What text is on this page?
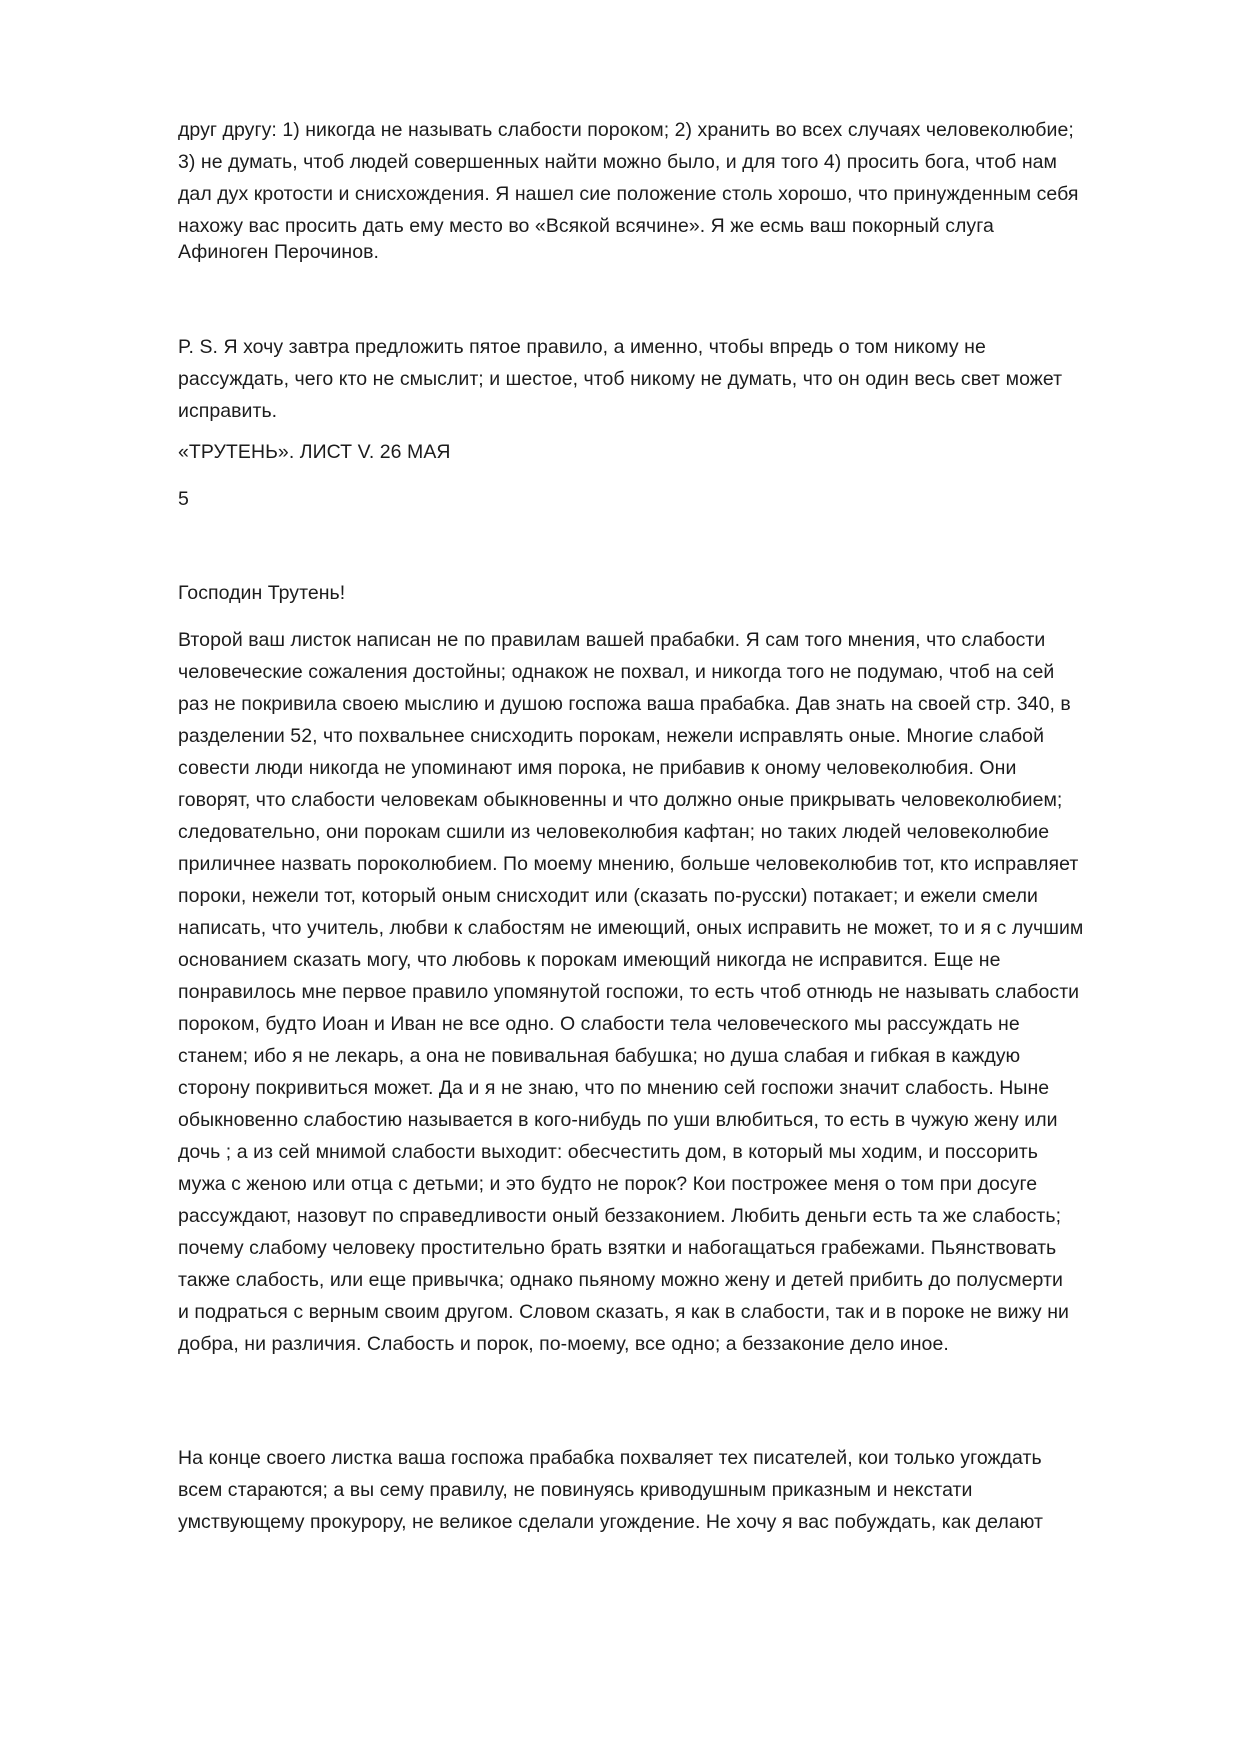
друг другу: 1) никогда не называть слабости пороком; 2) хранить во всех случаях человеколюбие;
3) не думать, чтоб людей совершенных найти можно было, и для того 4) просить бога, чтоб нам
дал дух кротости и снисхождения. Я нашел сие положение столь хорошо, что принужденным себя
нахожу вас просить дать ему место во «Всякой всячине». Я же есмь ваш покорный слуга

Афиноген Перочинов.

P. S. Я хочу завтра предложить пятое правило, а именно, чтобы впредь о том никому не
рассуждать, чего кто не смыслит; и шестое, чтоб никому не думать, что он один весь свет может
исправить.

«ТРУТЕНЬ». ЛИСТ V. 26 МАЯ

5

Господин Трутень!

Второй ваш листок написан не по правилам вашей прабабки. Я сам того мнения, что слабости
человеческие сожаления достойны; однакож не похвал, и никогда того не подумаю, чтоб на сей
раз не покривила своею мыслию и душою госпожа ваша прабабка. Дав знать на своей стр. 340, в
разделении 52, что похвальнее снисходить порокам, нежели исправлять оные. Многие слабой
совести люди никогда не упоминают имя порока, не прибавив к оному человеколюбия. Они
говорят, что слабости человекам обыкновенны и что должно оные прикрывать человеколюбием;
следовательно, они порокам сшили из человеколюбия кафтан; но таких людей человеколюбие
приличнее назвать пороколюбием. По моему мнению, больше человеколюбив тот, кто исправляет
пороки, нежели тот, который оным снисходит или (сказать по-русски) потакает; и ежели смели
написать, что учитель, любви к слабостям не имеющий, оных исправить не может, то и я с лучшим
основанием сказать могу, что любовь к порокам имеющий никогда не исправится. Еще не
понравилось мне первое правило упомянутой госпожи, то есть чтоб отнюдь не называть слабости
пороком, будто Иоан и Иван не все одно. О слабости тела человеческого мы рассуждать не
станем; ибо я не лекарь, а она не повивальная бабушка; но душа слабая и гибкая в каждую
сторону покривиться может. Да и я не знаю, что по мнению сей госпожи значит слабость. Ныне
обыкновенно слабостию называется в кого-нибудь по уши влюбиться, то есть в чужую жену или
дочь ; а из сей мнимой слабости выходит: обесчестить дом, в который мы ходим, и поссорить
мужа с женою или отца с детьми; и это будто не порок? Кои построжее меня о том при досуге
рассуждают, назовут по справедливости оный беззаконием. Любить деньги есть та же слабость;
почему слабому человеку простительно брать взятки и набогащаться грабежами. Пьянствовать
также слабость, или еще привычка; однако пьяному можно жену и детей прибить до полусмерти
и подраться с верным своим другом. Словом сказать, я как в слабости, так и в пороке не вижу ни
добра, ни различия. Слабость и порок, по-моему, все одно; а беззаконие дело иное.

На конце своего листка ваша госпожа прабабка похваляет тех писателей, кои только угождать
всем стараются; а вы сему правилу, не повинуясь криводушным приказным и некстати
умствующему прокурору, не великое сделали угождение. Не хочу я вас побуждать, как делают
